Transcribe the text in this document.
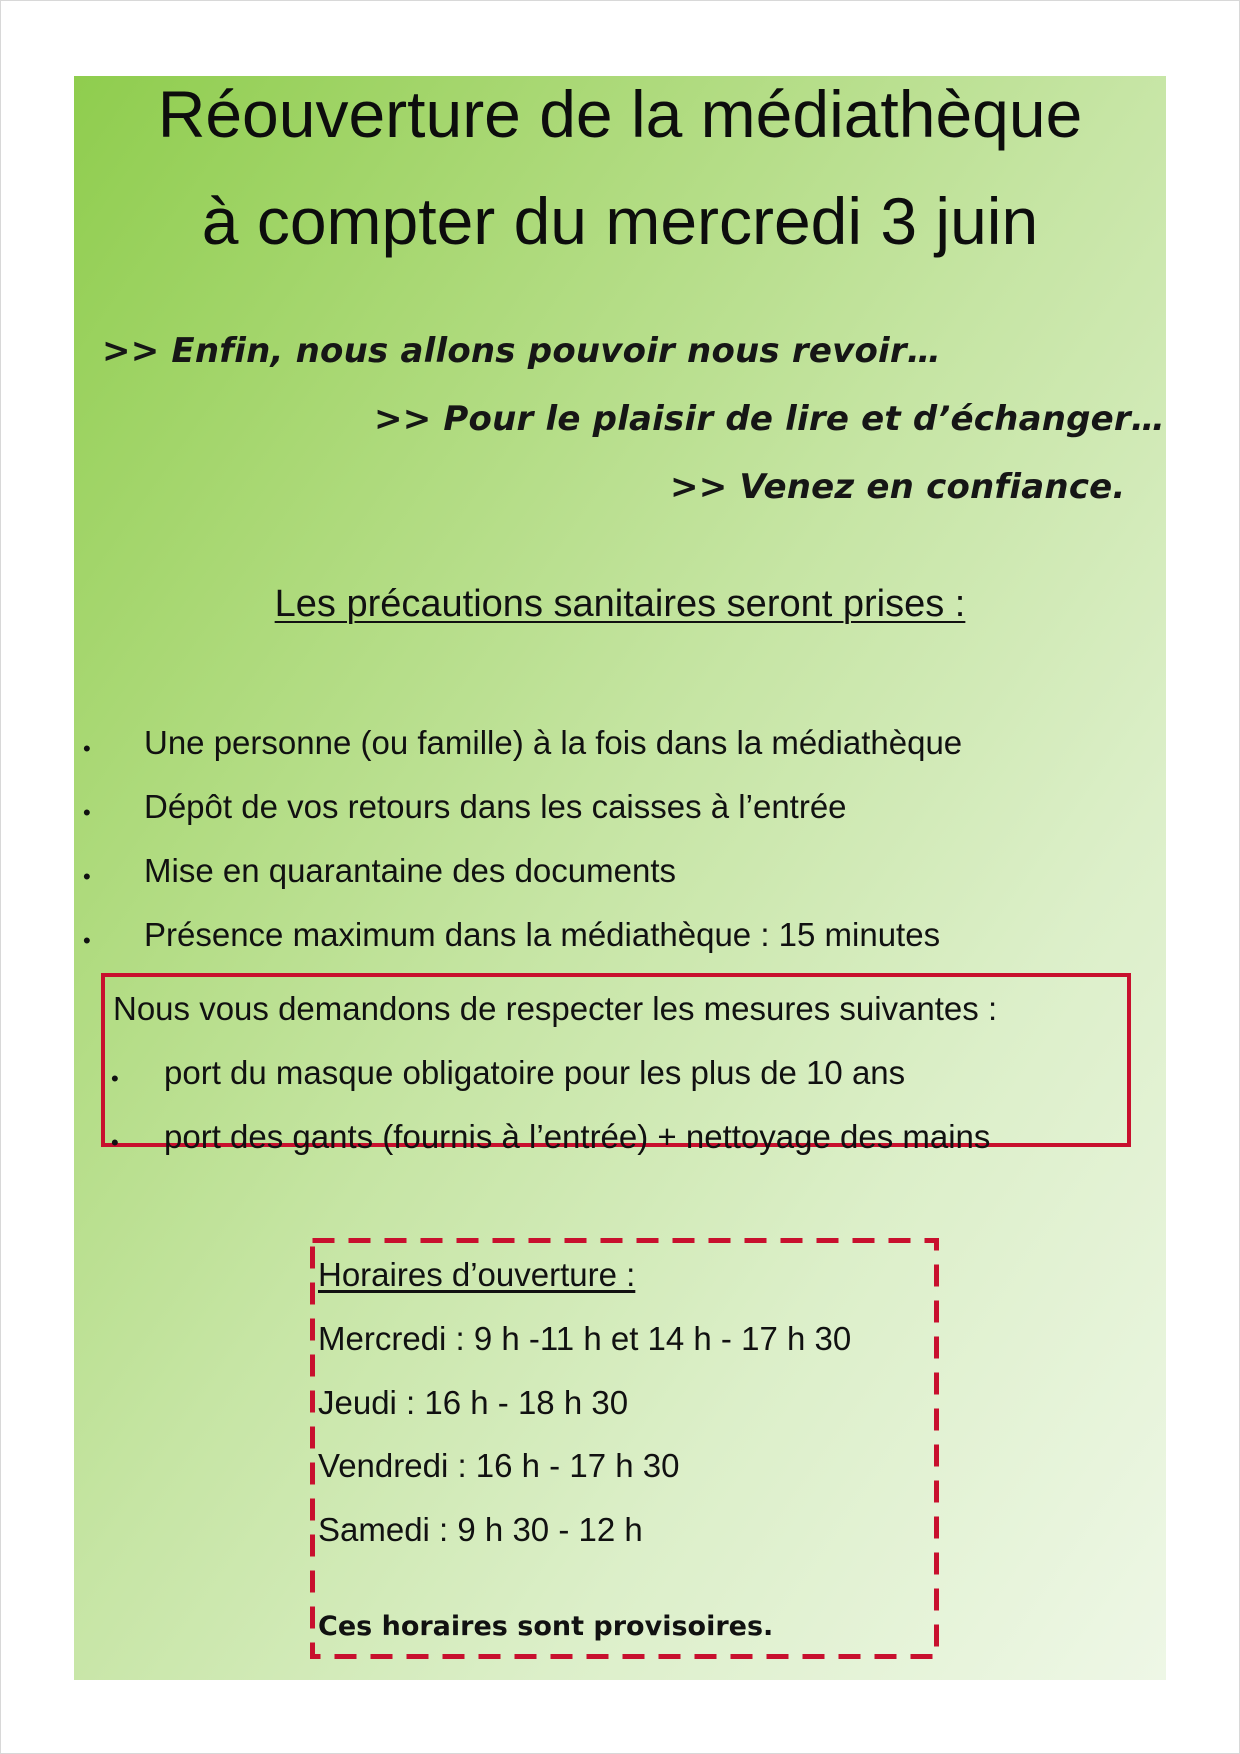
Réouverture de la médiathèque
à compter du mercredi 3 juin
>> Enfin, nous allons pouvoir nous revoir…
>> Pour le plaisir de lire et d’échanger…
>> Venez en confiance.
Les précautions sanitaires seront prises :
• Une personne (ou famille) à la fois dans la médiathèque
• Dépôt de vos retours dans les caisses à l’entrée
• Mise en quarantaine des documents
• Présence maximum dans la médiathèque : 15 minutes
Nous vous demandons de respecter les mesures suivantes :
• port du masque obligatoire pour les plus de 10 ans
• port des gants (fournis à l’entrée) + nettoyage des mains
Horaires d’ouverture :
Mercredi : 9 h -11 h et 14 h - 17 h 30
Jeudi : 16 h - 18 h 30
Vendredi : 16 h - 17 h 30
Samedi : 9 h 30 - 12 h
Ces horaires sont provisoires.
